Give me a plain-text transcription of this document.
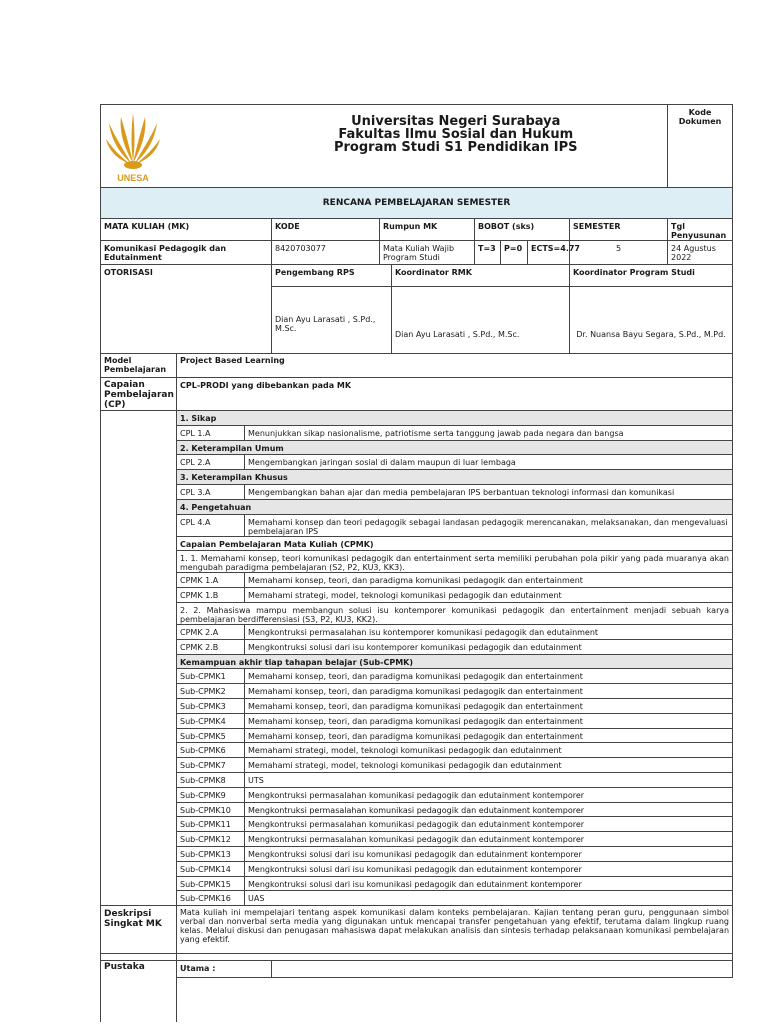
UNESA		Universitas Negeri Surabaya
Fakultas Ilmu Sosial dan Hukum
Program Studi S1 Pendidikan IPS								Kode Dokumen
RENCANA PEMBELAJARAN SEMESTER										
MATA KULIAH (MK)			KODE	Rumpun MK		BOBOT (sks)			SEMESTER	Tgl Penyusunan
Komunikasi Pedagogik dan Edutainment			8420703077	Mata Kuliah Wajib Program Studi		T=3	P=0	ECTS=4.77	5	24 Agustus 2022
OTORISASI			Pengembang RPS		Koordinator RMK				Koordinator Program Studi	
			Dian Ayu Larasati , S.Pd., M.Sc.		Dian Ayu Larasati , S.Pd., M.Sc.				Dr. Nuansa Bayu Segara, S.Pd., M.Pd.	
Model Pembelajaran	Project Based Learning									
Capaian Pembelajaran (CP)	CPL-PRODI yang dibebankan pada MK									
	1. Sikap	
	CPL 1.A	Menunjukkan sikap nasionalisme, patriotisme serta tanggung jawab pada negara dan bangsa
	2. Keterampilan Umum	
	CPL 2.A	Mengembangkan jaringan sosial di dalam maupun di luar lembaga
	3. Keterampilan Khusus	
	CPL 3.A	Mengembangkan bahan ajar dan media pembelajaran IPS berbantuan teknologi informasi dan komunikasi
	4. Pengetahuan	
	CPL 4.A	Memahami konsep dan teori pedagogik sebagai landasan pedagogik merencanakan, melaksanakan, dan mengevaluasi pembelajaran IPS
	Capaian Pembelajaran Mata Kuliah (CPMK)	
	1. 1. Memahami konsep, teori komunikasi pedagogik dan entertainment serta memiliki perubahan pola pikir yang pada muaranya akan mengubah paradigma pembelajaran (S2, P2, KU3, KK3).	
	CPMK 1.A	Memahami konsep, teori, dan paradigma komunikasi pedagogik dan entertainment
	CPMK 1.B	Memahami strategi, model, teknologi komunikasi pedagogik dan edutainment
	2. 2. Mahasiswa mampu membangun solusi isu kontemporer komunikasi pedagogik dan entertainment menjadi sebuah karya pembelajaran berdifferensiasi (S3, P2, KU3, KK2).	
	CPMK 2.A	Mengkontruksi permasalahan isu kontemporer komunikasi pedagogik dan edutainment
	CPMK 2.B	Mengkontruksi solusi dari isu kontemporer komunikasi pedagogik dan edutainment
	Kemampuan akhir tiap tahapan belajar (Sub-CPMK)	
	Sub-CPMK1	Memahami konsep, teori, dan paradigma komunikasi pedagogik dan entertainment
	Sub-CPMK2	Memahami konsep, teori, dan paradigma komunikasi pedagogik dan entertainment
	Sub-CPMK3	Memahami konsep, teori, dan paradigma komunikasi pedagogik dan entertainment
	Sub-CPMK4	Memahami konsep, teori, dan paradigma komunikasi pedagogik dan entertainment
	Sub-CPMK5	Memahami konsep, teori, dan paradigma komunikasi pedagogik dan entertainment
	Sub-CPMK6	Memahami strategi, model, teknologi komunikasi pedagogik dan edutainment
	Sub-CPMK7	Memahami strategi, model, teknologi komunikasi pedagogik dan edutainment
	Sub-CPMK8	UTS
	Sub-CPMK9	Mengkontruksi permasalahan komunikasi pedagogik dan edutainment kontemporer
	Sub-CPMK10	Mengkontruksi permasalahan komunikasi pedagogik dan edutainment kontemporer
	Sub-CPMK11	Mengkontruksi permasalahan komunikasi pedagogik dan edutainment kontemporer
	Sub-CPMK12	Mengkontruksi permasalahan komunikasi pedagogik dan edutainment kontemporer
	Sub-CPMK13	Mengkontruksi solusi dari isu komunikasi pedagogik dan edutainment kontemporer
	Sub-CPMK14	Mengkontruksi solusi dari isu komunikasi pedagogik dan edutainment kontemporer
	Sub-CPMK15	Mengkontruksi solusi dari isu komunikasi pedagogik dan edutainment kontemporer
	Sub-CPMK16	UAS
Deskripsi Singkat MK	Mata kuliah ini mempelajari tentang aspek komunikasi dalam konteks pembelajaran. Kajian tentang peran guru, penggunaan simbol verbal dan nonverbal serta media yang digunakan untuk mencapai transfer pengetahuan yang efektif, terutama dalam lingkup ruang kelas. Melalui diskusi dan penugasan mahasiswa dapat melakukan analisis dan sintesis terhadap pelaksanaan komunikasi pembelajaran yang efektif.	

Pustaka	Utama :	
